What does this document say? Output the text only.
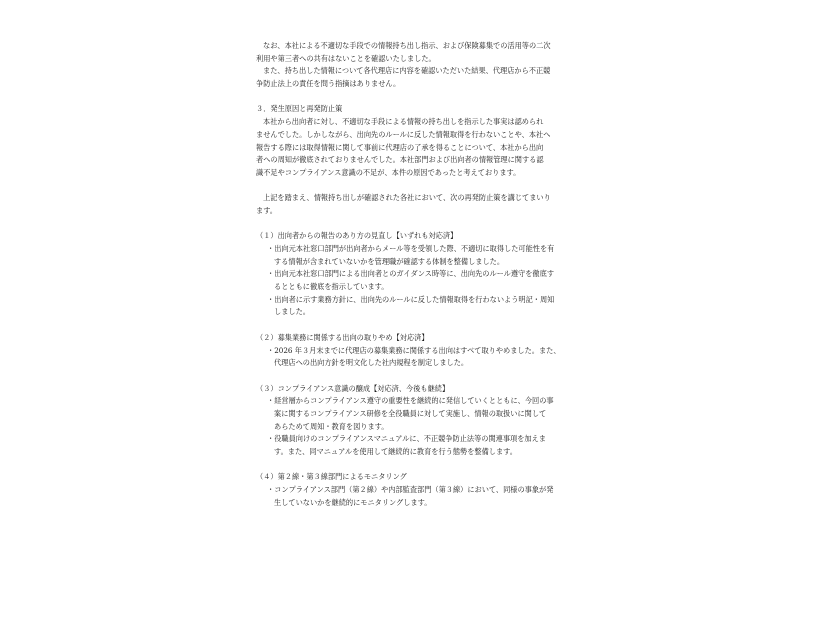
なお、本社による不適切な手段での情報持ち出し指示、および保険募集での活用等の二次
利用や第三者への共有はないことを確認いたしました。
また、持ち出した情報について各代理店に内容を確認いただいた結果、代理店から不正競
争防止法上の責任を問う指摘はありません。
３．発生原因と再発防止策
本社から出向者に対し、不適切な手段による情報の持ち出しを指示した事実は認められ
ませんでした。しかしながら、出向先のルールに反した情報取得を行わないことや、本社へ
報告する際には取得情報に関して事前に代理店の了承を得ることについて、本社から出向
者への周知が徹底されておりませんでした。本社部門および出向者の情報管理に関する認
識不足やコンプライアンス意識の不足が、本件の原因であったと考えております。
上記を踏まえ、情報持ち出しが確認された各社において、次の再発防止策を講じてまいり
ます。
（１）出向者からの報告のあり方の見直し【いずれも対応済】
・出向元本社窓口部門が出向者からメール等を受領した際、不適切に取得した可能性を有
する情報が含まれていないかを管理職が確認する体制を整備しました。
・出向元本社窓口部門による出向者とのガイダンス時等に、出向先のルール遵守を徹底す
るとともに徹底を指示しています。
・出向者に示す業務方針に、出向先のルールに反した情報取得を行わないよう明記・周知
しました。
（２）募集業務に関係する出向の取りやめ【対応済】
・2026 年３月末までに代理店の募集業務に関係する出向はすべて取りやめました。また、
代理店への出向方針を明文化した社内規程を制定しました。
（３）コンプライアンス意識の醸成【対応済、今後も継続】
・経営層からコンプライアンス遵守の重要性を継続的に発信していくとともに、今回の事
案に関するコンプライアンス研修を全役職員に対して実施し、情報の取扱いに関して
あらためて周知・教育を図ります。
・役職員向けのコンプライアンスマニュアルに、不正競争防止法等の関連事項を加えま
す。また、同マニュアルを使用して継続的に教育を行う態勢を整備します。
（４）第２線・第３線部門によるモニタリング
・コンプライアンス部門（第２線）や内部監査部門（第３線）において、同様の事象が発
生していないかを継続的にモニタリングします。
